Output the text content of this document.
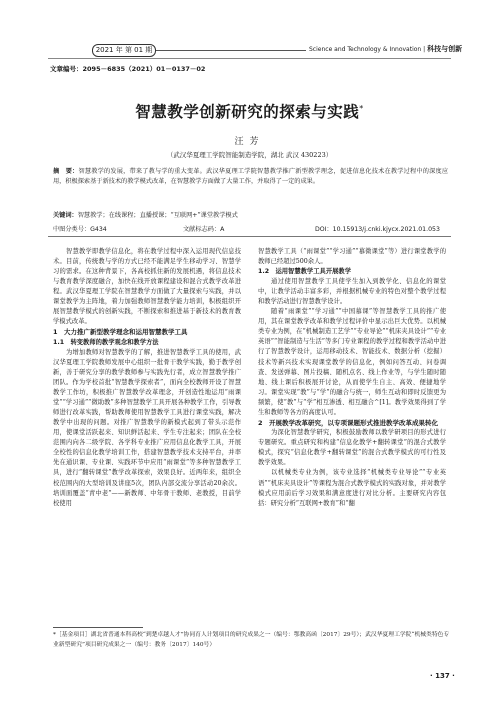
2021 年 第 01 期	Science and Technology & Innovation | 科技与创新
文章编号：2095－6835（2021）01－0137－02
智慧教学创新研究的探索与实践*
汪芳
（武汉华夏理工学院智能制造学院，湖北 武汉 430223）
摘　要：智慧教学的发展，带来了教与学的重大变革。武汉华夏理工学院智慧教学推广新型教学理念，促进信息化技术在教学过程中的深度应用，积极探索基于新技术的教学模式改革，在智慧教学方面做了大量工作，并取得了一定的成果。
关键词：智慧教学；在线课程；直播授课；“互联网+”课堂教学模式
中图分类号：G434	文献标志码：A	DOI：10.15913/j.cnki.kjycx.2021.01.053

智慧教学即教学信息化，将在教学过程中深入运用现代信息技术。目前，传统教与学的方式已经不能满足学生移动学习、智慧学习的需求。在这种背景下，各高校抓住新的发展机遇，将信息技术与教育教学深度融合，加快在线开放课程建设和混合式教学改革进程。武汉华夏理工学院在智慧教学方面做了大量探索与实践，并以课堂教学为主阵地，着力加强教师智慧教学能力培训，积极组织开展智慧教学模式的创新实践，不断探索和推进基于新技术的教育教学模式改革。

1　大力推广新型教学理念和运用智慧教学工具
1.1　转变教师的教学观念和教学方法

为增加教师对智慧教学的了解，推进智慧教学工具的使用，武汉华夏理工学院教师发展中心组织一批骨干教学实践，勤于教学创新，善于研究分享的教学教师参与实践先行者，成立智慧教学推广团队。作为学校首批“智慧教学探索者”，面向全校教师开设了智慧教学工作坊，积极推广智慧教学改革理念，开创造性地运用“雨课堂”“学习通”“微助教”多种智慧教学工具开展各种教学工作，引导教师进行改革实践，帮助教师使用智慧教学工具进行课堂实践，解决教学中出现的问题。对推广智慧教学的新模式起到了带头示范作用，使课堂活跃起来、知识鲜活起来、学生专注起来；团队在全校范围内向各二级学院、各学科专业推广应用信息化教学工具，开展全校性的信息化教学培训工作，搭建智慧教学技术支持平台，并率先在通识课、专业课、实践环节中应用“雨课堂”等多种智慧教学工具，进行“翻转课堂”教学改革探索，效果良好。近两年来，组织全校范围内的大型培训及讲座5次，团队内部交流分享活动20余次。培训面覆盖“青中老”——新教师、中年骨干教师、老教授，目前学校使用

智慧教学工具（“雨课堂”“学习通”“慕微课堂”等）进行课堂教学的教师已经超过500余人。

1.2　运用智慧教学工具开展教学

通过使用智慧教学工具使学生加入到教学化、信息化的课堂中，让教学活动丰富多彩，并根据机械专业的特色对整个教学过程和教学活动进行智慧教学设计。

随着“雨课堂”“学习通”“中国慕课”等智慧教学工具的推广使用，其在课堂教学改革和教学过程评价中显示出巨大优势。以机械类专业为例，在“机械制造工艺学”“专业导论”“机床夹具设计”“专业英语”“智能制造与生活”等多门专业课程的教学过程和教学活动中进行了智慧教学设计，运用移动技术、智能技术、数据分析（挖掘）技术等新兴技术实现课堂教学的信息化，例如问答互动、问卷调查、发送弹幕、图片投稿、随机点名、线上作业等，与学生随时随地、线上课后积极展开讨论，从而使学生自主、高效、便捷地学习。课堂实现“教”与“学”的融合与统一，师生互动和即时反馈更为频繁，使“教”与“学”相互渗透、相互融合^[1]。教学效果得到了学生和教师等各方的高度认可。

2　开展教学改革研究，以专项课题形式推进教学改革成果转化

为深化智慧教学研究，积极鼓励教师以教学研项目的形式进行专题研究。重点研究和构建“信息化教学+翻转课堂”的混合式教学模式，探究“信息化教学+翻转课堂”的混合式教学模式的可行性及教学效果。

以机械类专业为例，该专业选择“机械类专业导论”“专业英语”“机床夹具设计”等课程为混合式教学模式的实践对象，并对教学模式应用前后学习效果和满意度进行对比分析。主要研究内容包括：研究分析“互联网+教育”和“翻

*［基金项目］湖北省普通本科高校“到楚卓越人才”协同育人计划项目的研究成果之一（编号：鄂教高函〔2017〕29号）；武汉华夏理工学院“机械类特色专业新型研究”项目研究成果之一（编号：教务〔2017〕140号）
· 137 ·
